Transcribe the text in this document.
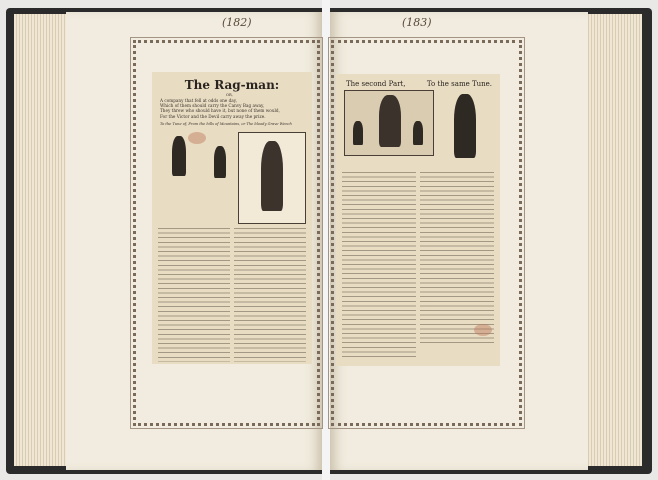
(182)	(183)
The Rag-man:
OR,
A company that fell at odds one day,
Which of them should carry the Canvy Bag away,
They threw who should have it, but none of them would,
For the Victor and the Devil carry away the prize.
To the Tune of, From the hills of Mountains, or The bloody Grave Wench
The second Part,	To the same Tune.
